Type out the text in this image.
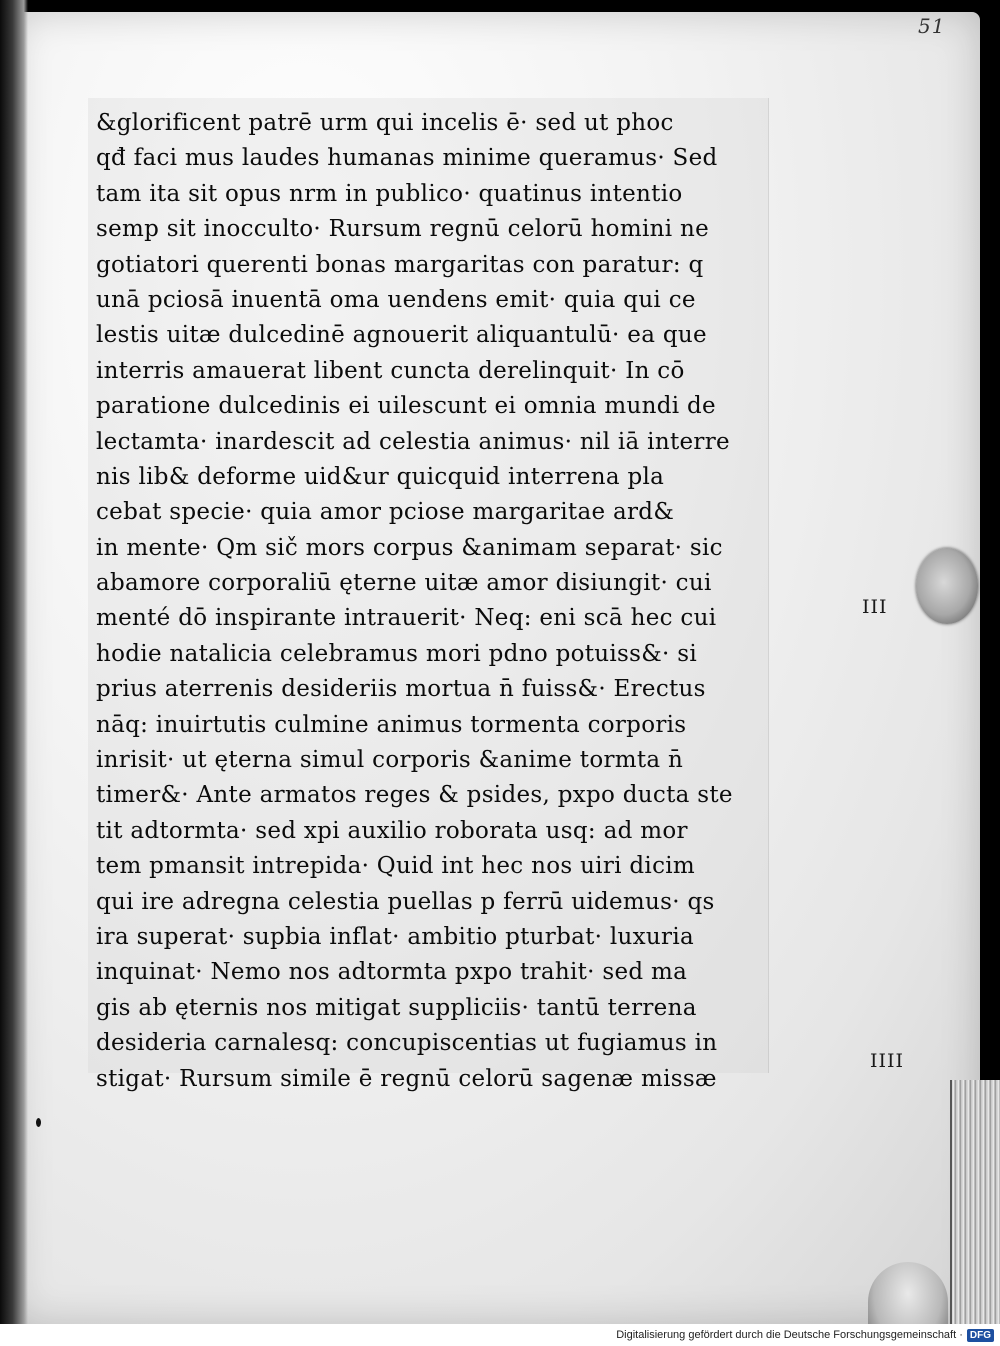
51
&glorificent patrē urm qui incelis ē· sed ut phoc
qđ faci mus laudes humanas minime queramus· Sed
tam ita sit opus nrm in publico· quatinus intentio
semp sit inocculto· Rursum regnū celorū homini ne
gotiatori querenti bonas margaritas con paratur: q
unā pciosā inuentā oma uendens emit· quia qui ce
lestis uitæ dulcedinē agnouerit aliquantulū· ea que
interris amauerat libent cuncta derelinquit· In cō
paratione dulcedinis ei uilescunt ei omnia mundi de
lectamta· inardescit ad celestia animus· nil iā interre
nis lib& deforme uid&ur quicquid interrena pla
cebat specie· quia amor pciose margaritae ard&
in mente· Qm sič mors corpus &animam separat· sic
abamore corporaliū ęterne uitæ amor disiungit· cui
menté dō inspirante intrauerit· Neq: eni scā hec cui
hodie natalicia celebramus mori pdno potuiss&· si
prius aterrenis desideriis mortua n̄ fuiss&· Erectus
nāq: inuirtutis culmine animus tormenta corporis
inrisit· ut ęterna simul corporis &anime tormta n̄
timer&· Ante armatos reges & psides, pxpo ducta ste
tit adtormta· sed xpi auxilio roborata usq: ad mor
tem pmansit intrepida· Quid int hec nos uiri dicim
qui ire adregna celestia puellas p ferrū uidemus· qs
ira superat· supbia inflat· ambitio pturbat· luxuria
inquinat· Nemo nos adtormta pxpo trahit· sed ma
gis ab ęternis nos mitigat suppliciis· tantū terrena
desideria carnalesq: concupiscentias ut fugiamus in
stigat· Rursum simile ē regnū celorū sagenæ missæ
III
IIII
Digitalisierung gefördert durch die Deutsche Forschungsgemeinschaft · DFG
